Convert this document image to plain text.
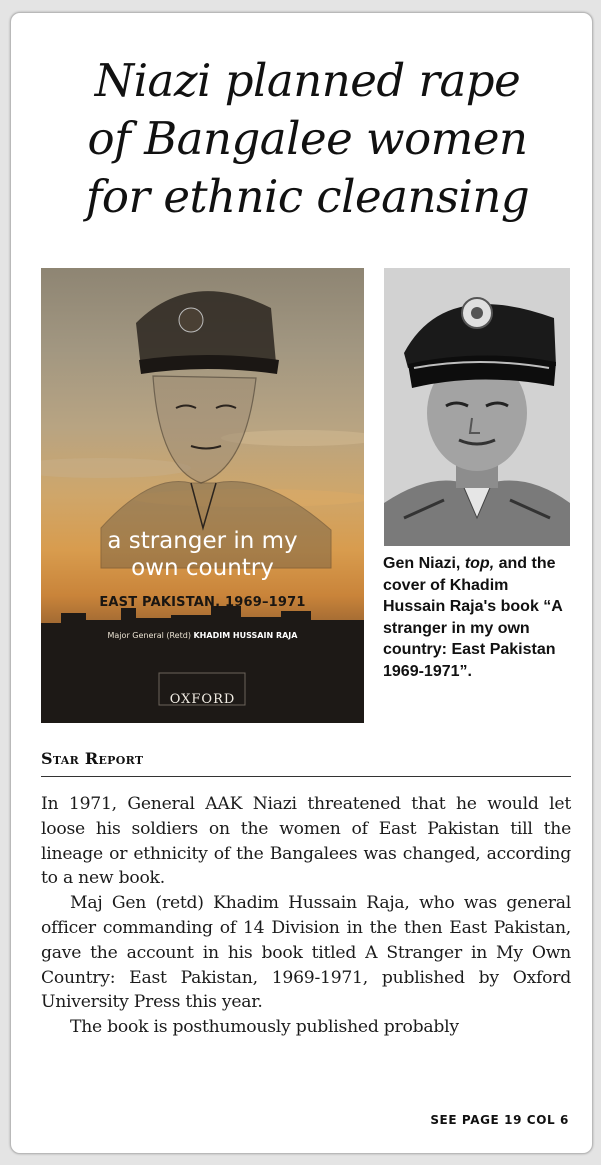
Niazi planned rape
of Bangalee women
for ethnic cleansing
a stranger in my
own country
EAST PAKISTAN, 1969–1971
Major General (Retd) KHADIM HUSSAIN RAJA
OXFORD

Gen Niazi, top, and the cover of Khadim Hussain Raja's book “A stranger in my own country: East Pakistan 1969-1971”.

Star Report

In 1971, General AAK Niazi threatened that he would let loose his soldiers on the women of East Pakistan till the lineage or ethnicity of the Bangalees was changed, according to a new book.

Maj Gen (retd) Khadim Hussain Raja, who was general officer commanding of 14 Division in the then East Pakistan, gave the account in his book titled A Stranger in My Own Country: East Pakistan, 1969-1971, published by Oxford University Press this year.

The book is posthumously published probably

SEE PAGE 19 COL 6
